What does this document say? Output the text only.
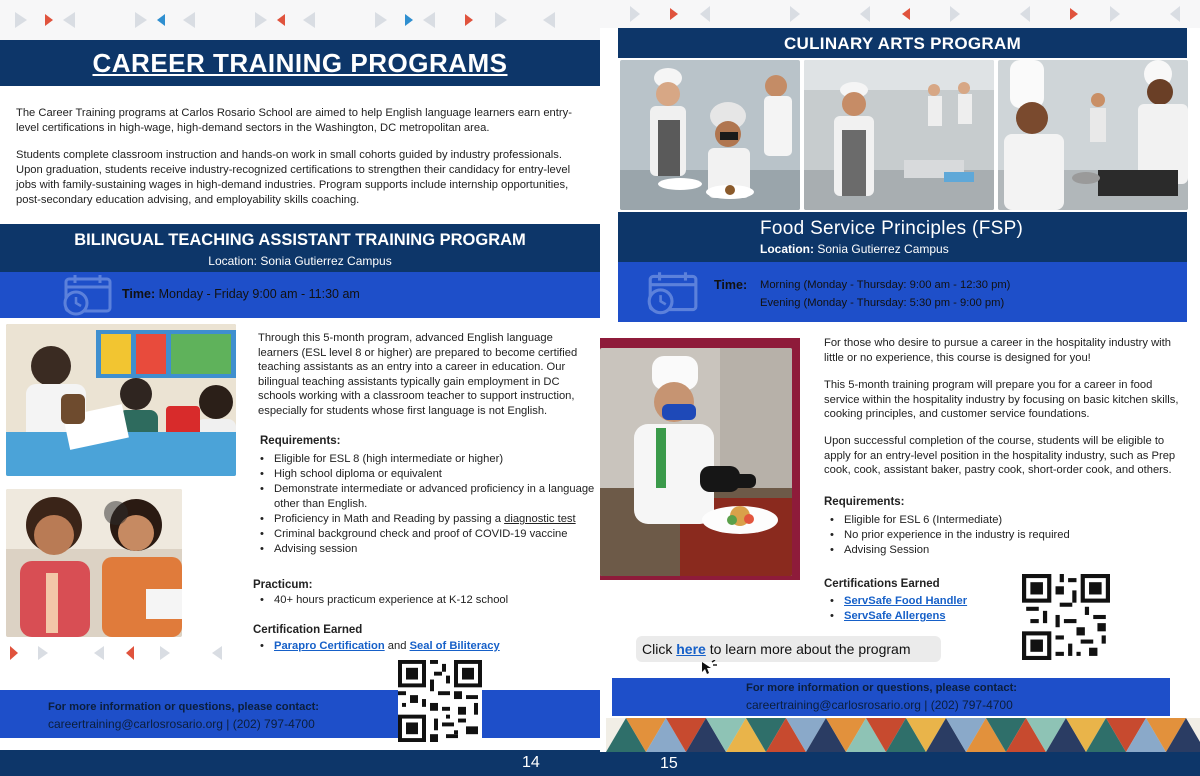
CAREER TRAINING PROGRAMS

The Career Training programs at Carlos Rosario School are aimed to help English language learners earn entry-level certifications in high-wage, high-demand sectors in the Washington, DC metropolitan area.

Students complete classroom instruction and hands-on work in small cohorts guided by industry professionals. Upon graduation, students receive industry-recognized certifications to strengthen their candidacy for entry-level jobs with family-sustaining wages in high-demand industries. Program supports include internship opportunities, post-secondary education advising, and employability skills coaching.

BILINGUAL TEACHING ASSISTANT TRAINING PROGRAM
Location: Sonia Gutierrez Campus
Time: Monday - Friday 9:00 am - 11:30 am

Through this 5-month program, advanced English language learners (ESL level 8 or higher) are prepared to become certified teaching assistants as an entry into a career in education. Our bilingual teaching assistants typically gain employment in DC schools working with a classroom teacher to support instruction, especially for students whose first language is not English.

Requirements:
• Eligible for ESL 8 (high intermediate or higher)
• High school diploma or equivalent
• Demonstrate intermediate or advanced proficiency in a language other than English.
• Proficiency in Math and Reading by passing a diagnostic test
• Criminal background check and proof of COVID-19 vaccine
• Advising session
Practicum:
• 40+ hours practicum experience at K-12 school
Certification Earned
• Parapro Certification and Seal of Biliteracy
For more information or questions, please contact:
careertraining@carlosrosario.org | (202) 797-4700
14
CULINARY ARTS PROGRAM
Food Service Principles (FSP)
Location: Sonia Gutierrez Campus
Time: Morning (Monday - Thursday: 9:00 am - 12:30 pm)
Evening (Monday - Thursday: 5:30 pm - 9:00 pm)

For those who desire to pursue a career in the hospitality industry with little or no experience, this course is designed for you!

This 5-month training program will prepare you for a career in food service within the hospitality industry by focusing on basic kitchen skills, cooking principles, and customer service foundations.

Upon successful completion of the course, students will be eligible to apply for an entry-level position in the hospitality industry, such as Prep cook, cook, assistant baker, pastry cook, short-order cook, and others.

Requirements:
• Eligible for ESL 6 (Intermediate)
• No prior experience in the industry is required
• Advising Session
Certifications Earned
• ServSafe Food Handler
• ServSafe Allergens
Click here to learn more about the program
For more information or questions, please contact:
careertraining@carlosrosario.org | (202) 797-4700
15
